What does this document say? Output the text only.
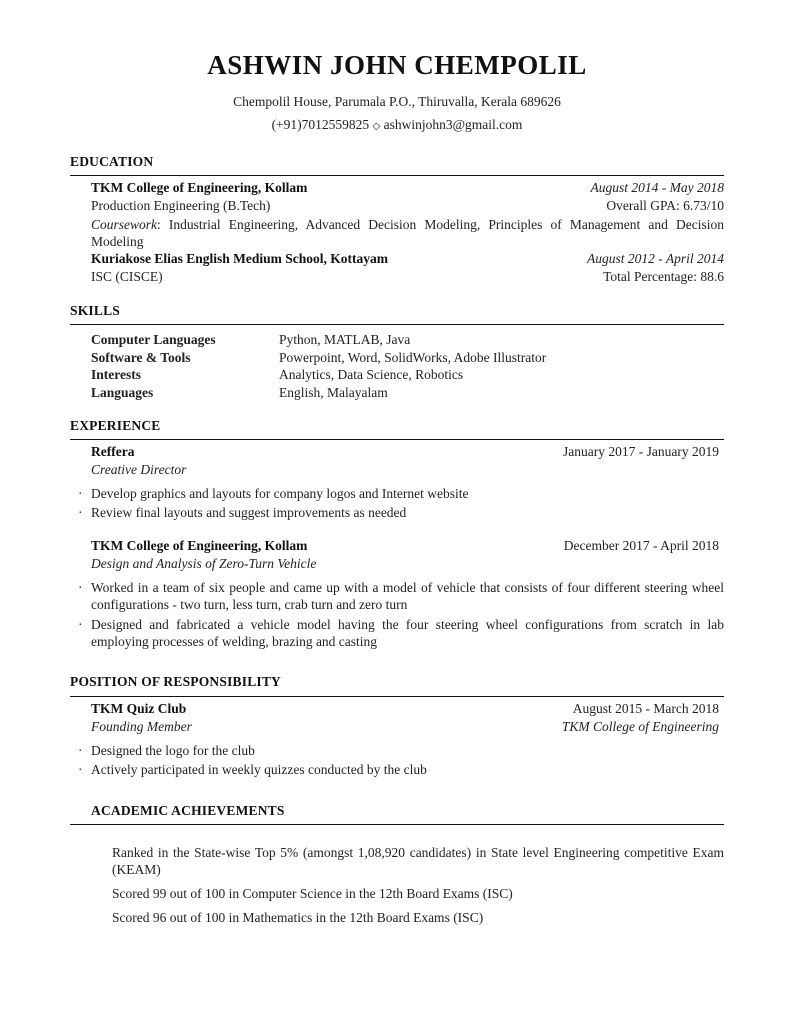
ASHWIN JOHN CHEMPOLIL
Chempolil House, Parumala P.O., Thiruvalla, Kerala 689626
(+91)7012559825 ◇ ashwinjohn3@gmail.com
EDUCATION
TKM College of Engineering, Kollam	August 2014 - May 2018
Production Engineering (B.Tech)	Overall GPA: 6.73/10
Coursework: Industrial Engineering, Advanced Decision Modeling, Principles of Management and Decision Modeling
Kuriakose Elias English Medium School, Kottayam	August 2012 - April 2014
ISC (CISCE)	Total Percentage: 88.6
SKILLS
Computer Languages	Python, MATLAB, Java
Software & Tools	Powerpoint, Word, SolidWorks, Adobe Illustrator
Interests	Analytics, Data Science, Robotics
Languages	English, Malayalam
EXPERIENCE
Reffera	January 2017 - January 2019
Creative Director
· Develop graphics and layouts for company logos and Internet website
· Review final layouts and suggest improvements as needed
TKM College of Engineering, Kollam	December 2017 - April 2018
Design and Analysis of Zero-Turn Vehicle
· Worked in a team of six people and came up with a model of vehicle that consists of four different steering wheel configurations - two turn, less turn, crab turn and zero turn
· Designed and fabricated a vehicle model having the four steering wheel configurations from scratch in lab employing processes of welding, brazing and casting
POSITION OF RESPONSIBILITY
TKM Quiz Club	August 2015 - March 2018
Founding Member	TKM College of Engineering
· Designed the logo for the club
· Actively participated in weekly quizzes conducted by the club
ACADEMIC ACHIEVEMENTS
Ranked in the State-wise Top 5% (amongst 1,08,920 candidates) in State level Engineering competitive Exam (KEAM)
Scored 99 out of 100 in Computer Science in the 12th Board Exams (ISC)
Scored 96 out of 100 in Mathematics in the 12th Board Exams (ISC)
